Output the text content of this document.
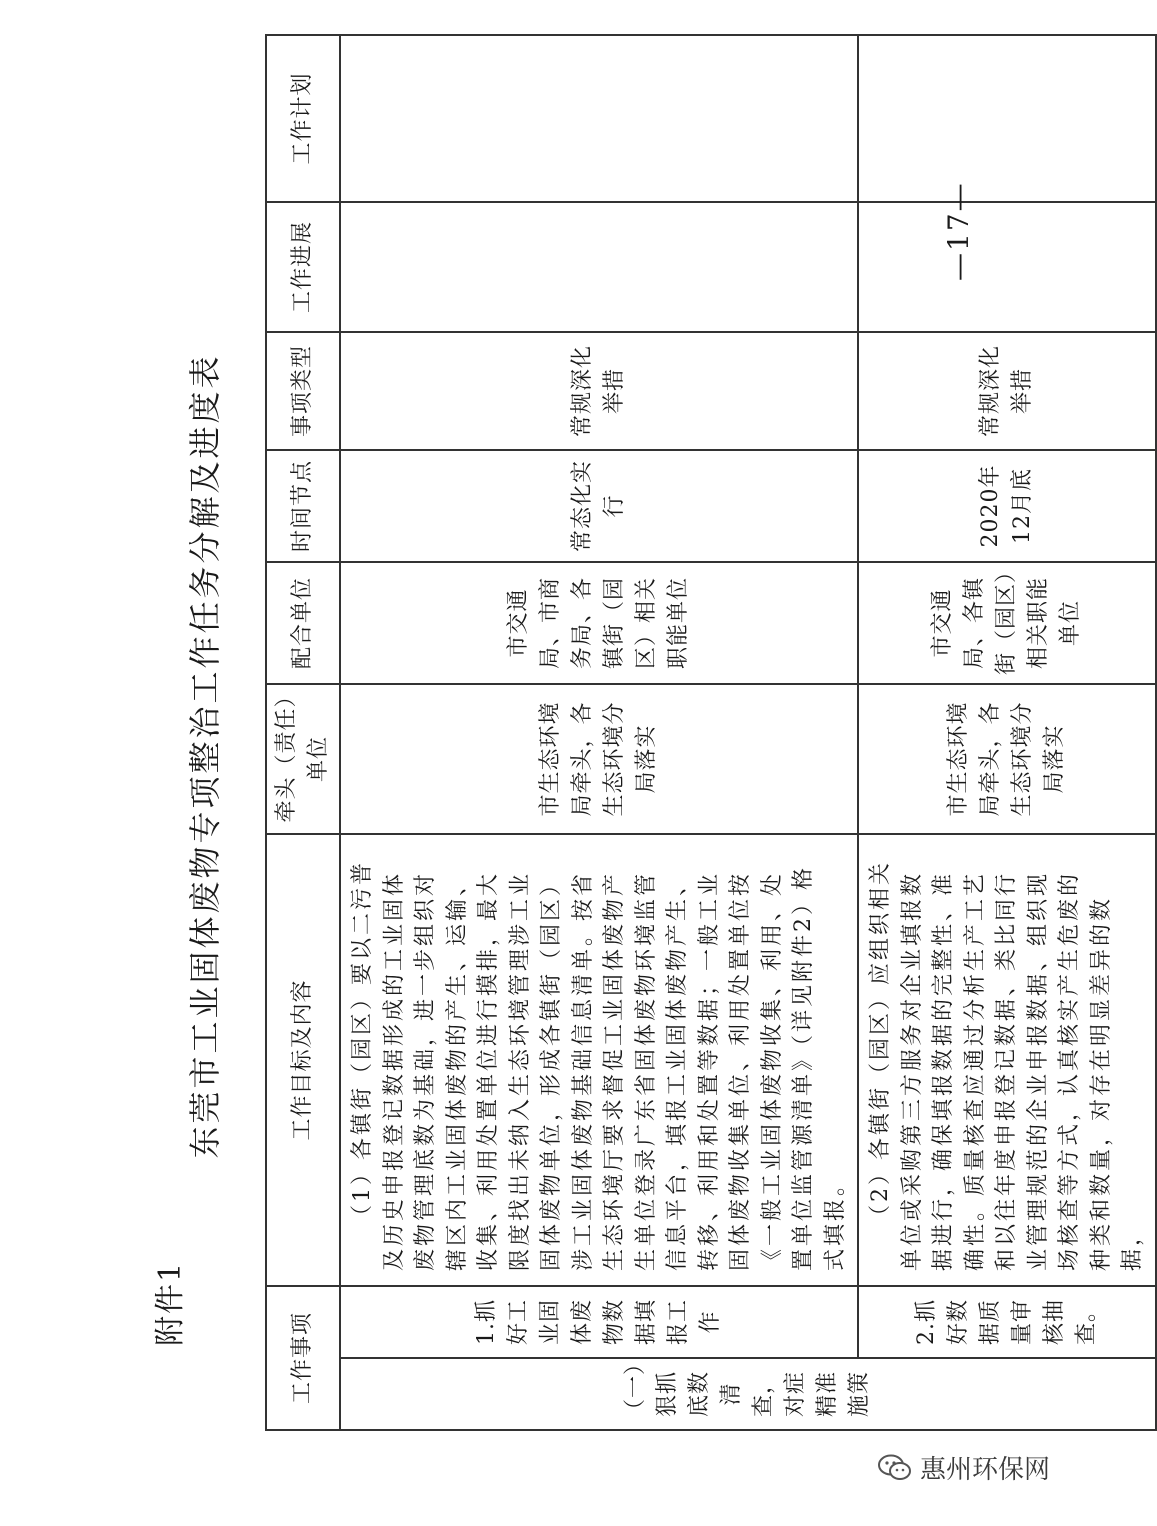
附件1
东莞市工业固体废物专项整治工作任务分解及进度表
工作事项		工作目标及内容	牵头（责任）单位	配合单位	时间节点	事项类型	工作进展	工作计划
（一）狠抓底数清查，对症精准施策	1.抓好工业固体废物数据填报工作	（1）各镇街（园区）要以二污普及历史申报登记数据形成的工业固体废物管理底数为基础，进一步组织对辖区内工业固体废物的产生、运输、收集、利用处置单位进行摸排，最大限度找出未纳入生态环境管理涉工业固体废物单位，形成各镇街（园区）涉工业固体废物基础信息清单。按省生态环境厅要求督促工业固体废物产生单位登录广东省固体废物环境监管信息平台，填报工业固体废物产生、转移、利用和处置等数据；一般工业固体废物收集单位、利用处置单位按《一般工业固体废物收集、利用、处置单位监管源清单》（详见附件2）格式填报。	市生态环境局牵头，各生态环境分局落实	市交通局、市商务局、各镇街（园区）相关职能单位	常态化实行	常规深化举措		
	2.抓好数据质量审核抽查。	（2）各镇街（园区）应组织相关单位或采购第三方服务对企业填报数据进行，确保填报数据的完整性、准确性。质量核查应通过分析生产工艺和以往年度申报登记数据、类比同行业管理规范的企业申报数据、组织现场核查等方式，认真核实产生危废的种类和数量，对存在明显差异的数据，	市生态环境局牵头，各生态环境分局落实	市交通局、各镇街（园区）相关职能单位	2020年12月底	常规深化举措		
—17—
惠州环保网
